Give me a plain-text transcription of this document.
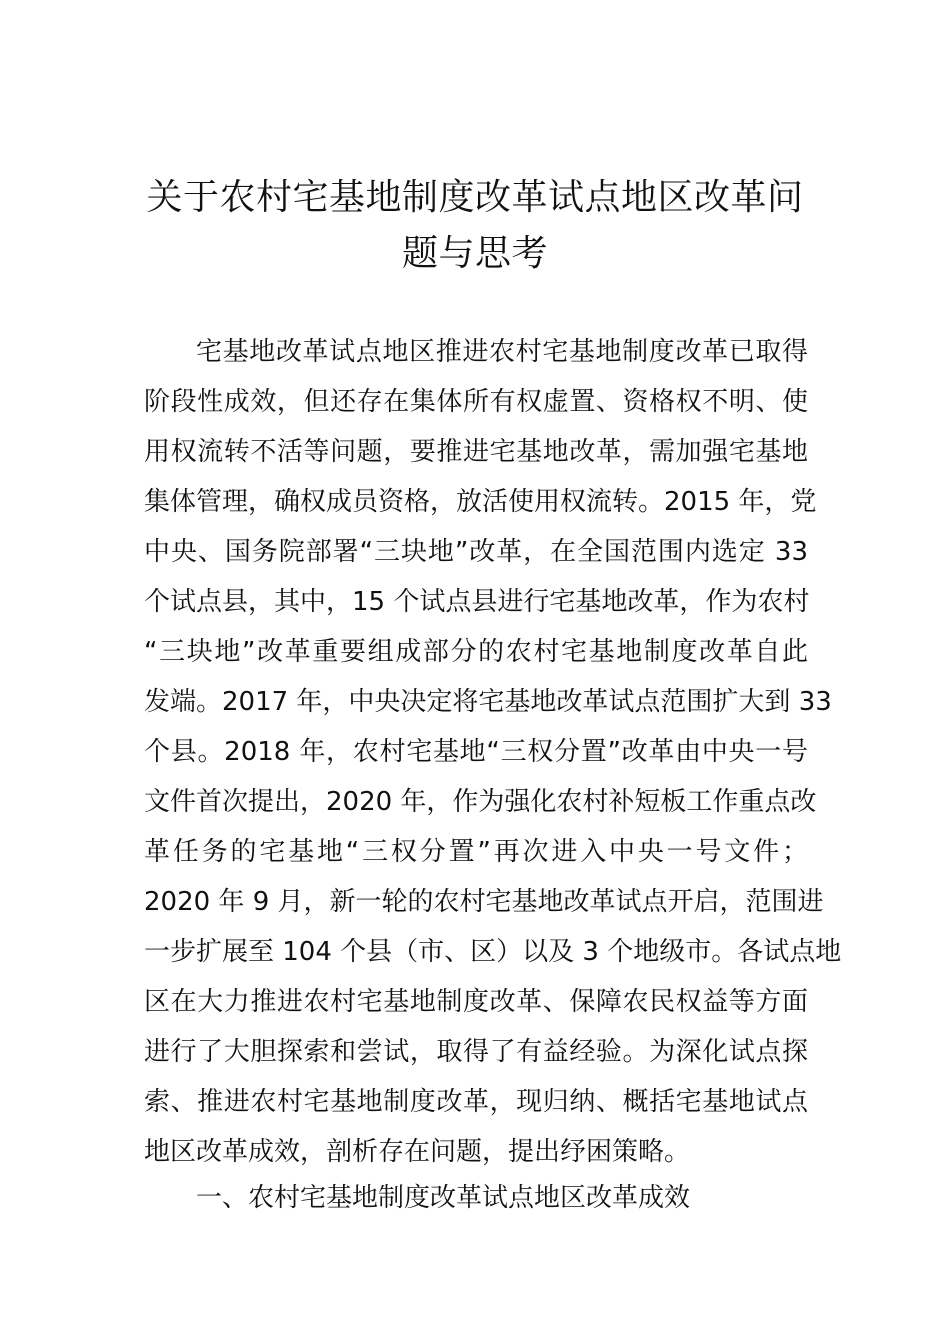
关于农村宅基地制度改革试点地区改革问
题与思考
宅基地改革试点地区推进农村宅基地制度改革已取得
阶段性成效，但还存在集体所有权虚置、资格权不明、使
用权流转不活等问题，要推进宅基地改革，需加强宅基地
集体管理，确权成员资格，放活使用权流转。2015 年，党
中央、国务院部署“三块地”改革，在全国范围内选定 33
个试点县，其中，15 个试点县进行宅基地改革，作为农村
“三块地”改革重要组成部分的农村宅基地制度改革自此
发端。2017 年，中央决定将宅基地改革试点范围扩大到 33
个县。2018 年，农村宅基地“三权分置”改革由中央一号
文件首次提出，2020 年，作为强化农村补短板工作重点改
革任务的宅基地“三权分置”再次进入中央一号文件；
2020 年 9 月，新一轮的农村宅基地改革试点开启，范围进
一步扩展至 104 个县（市、区）以及 3 个地级市。各试点地
区在大力推进农村宅基地制度改革、保障农民权益等方面
进行了大胆探索和尝试，取得了有益经验。为深化试点探
索、推进农村宅基地制度改革，现归纳、概括宅基地试点
地区改革成效，剖析存在问题，提出纾困策略。
一、农村宅基地制度改革试点地区改革成效
